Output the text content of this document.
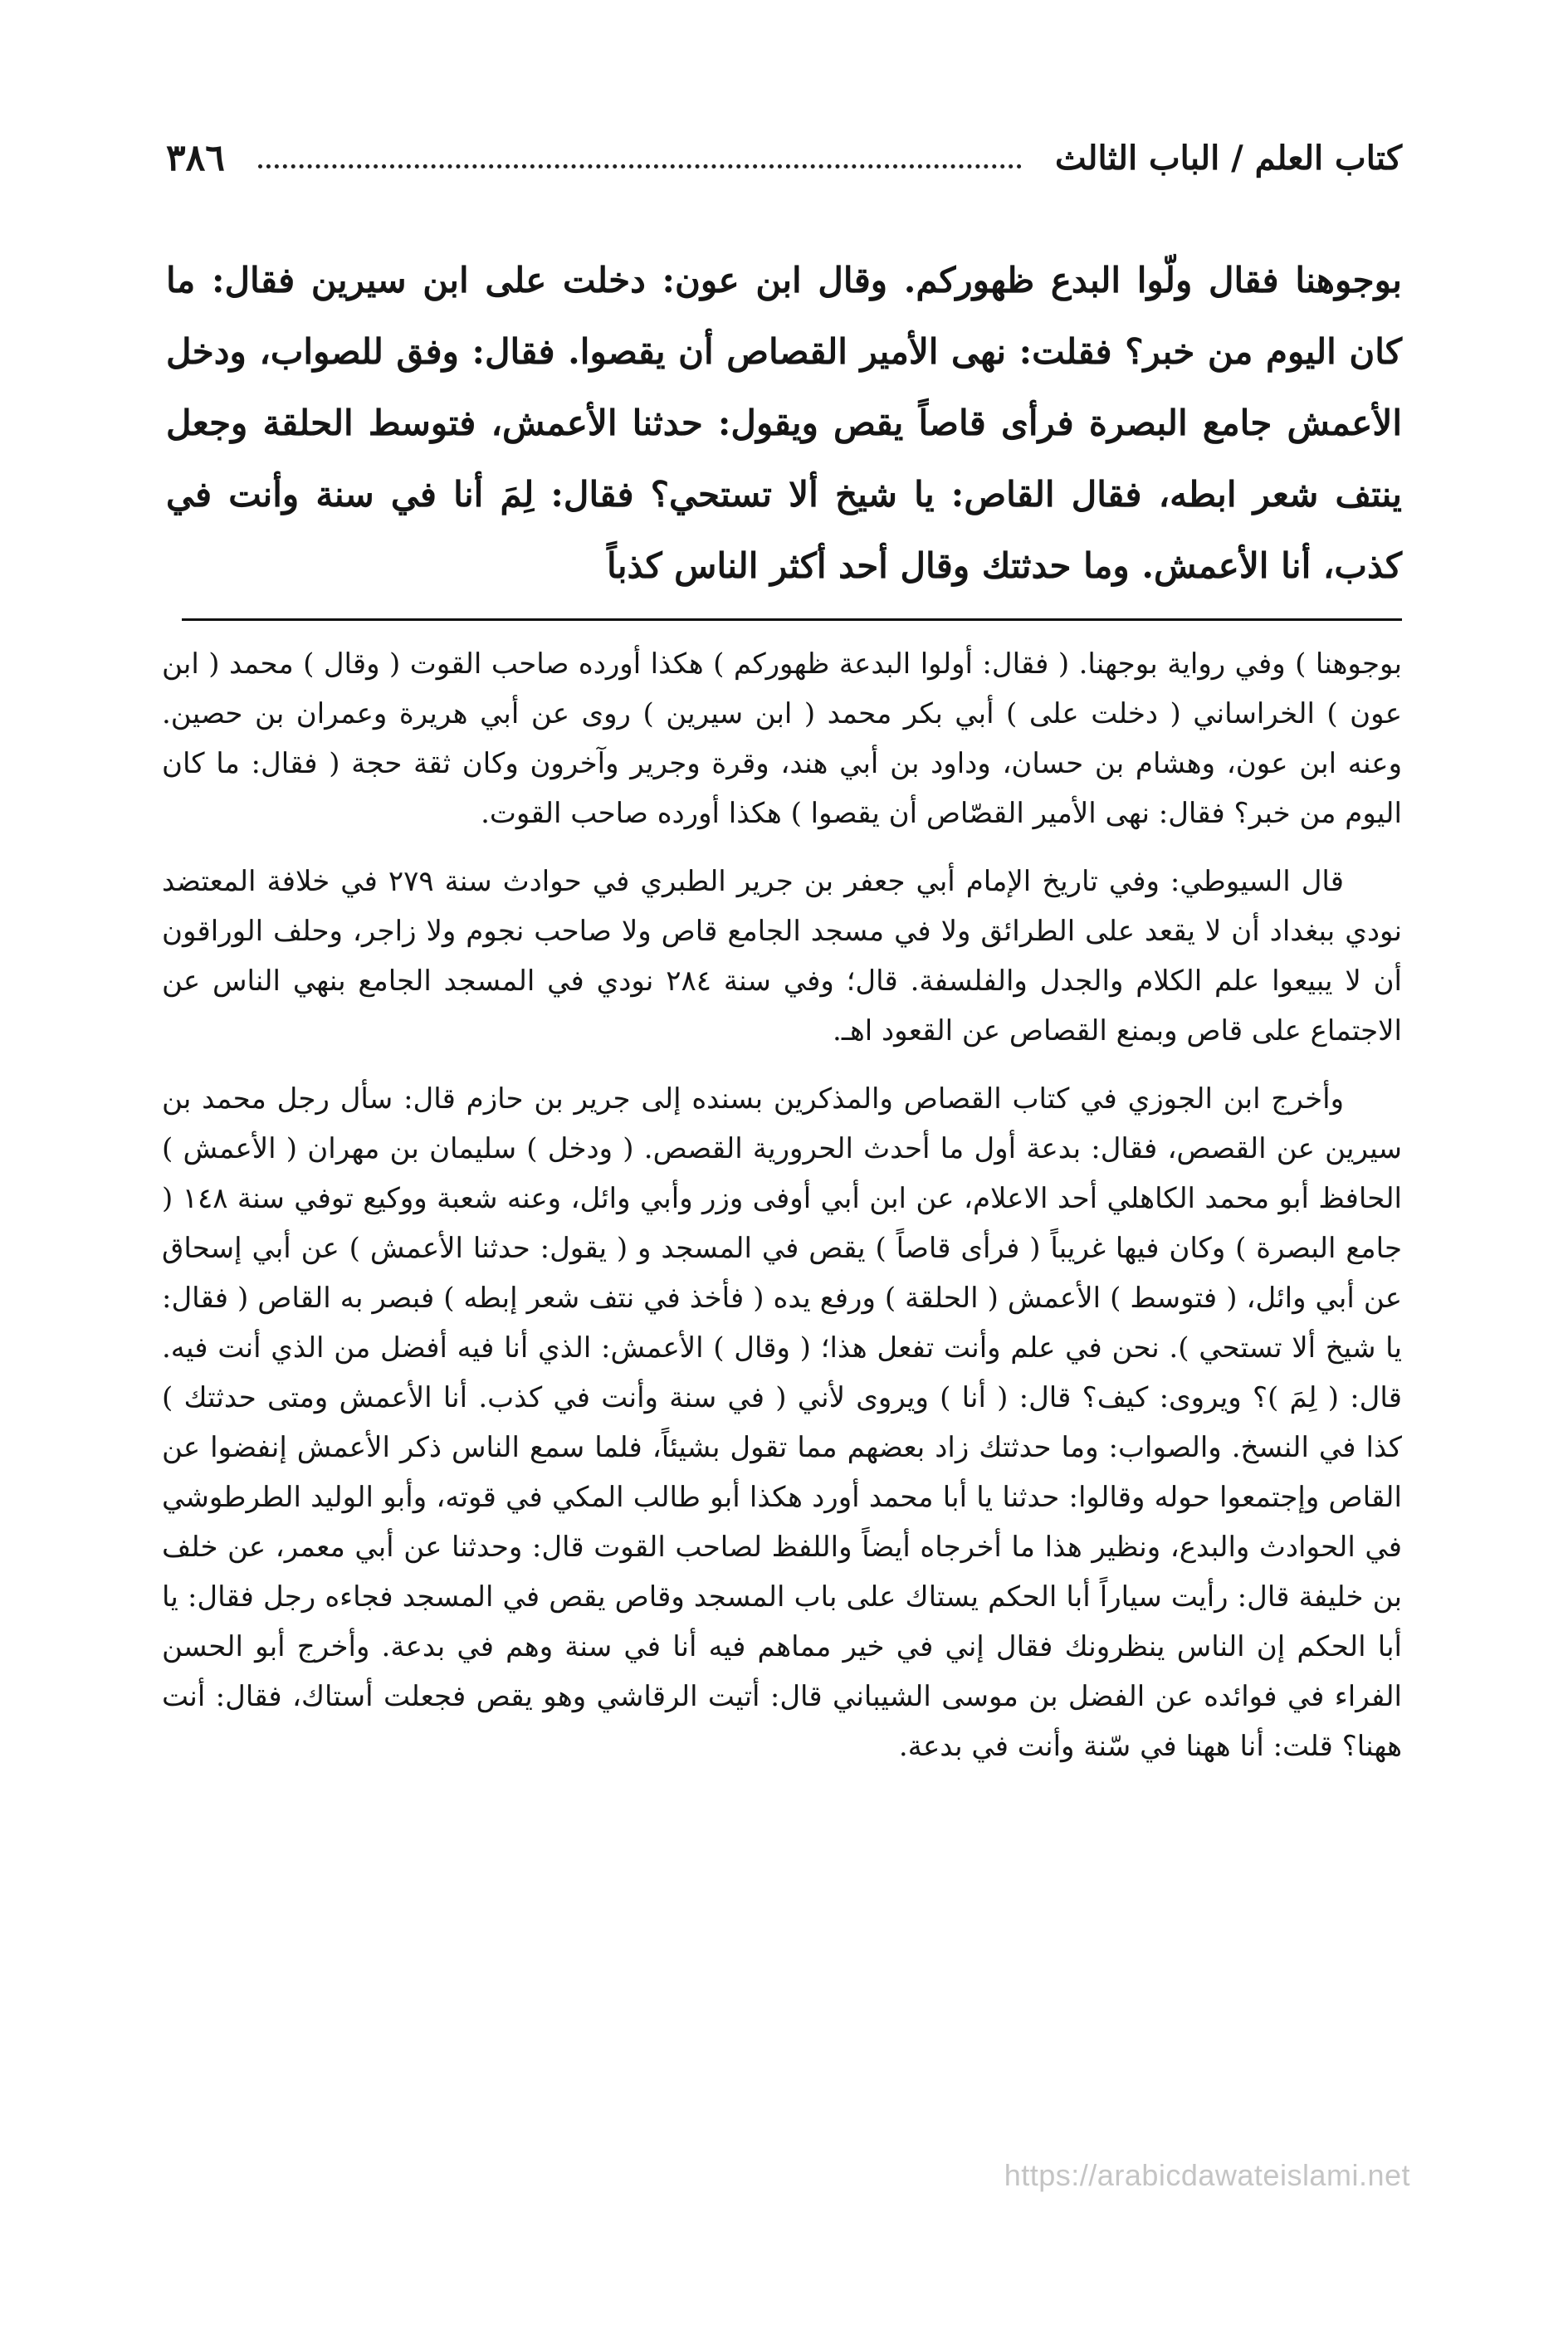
كتاب العلم / الباب الثالث
٣٨٦

بوجوهنا فقال ولّوا البدع ظهوركم. وقال ابن عون: دخلت على ابن سيرين فقال: ما كان اليوم من خبر؟ فقلت: نهى الأمير القصاص أن يقصوا. فقال: وفق للصواب، ودخل الأعمش جامع البصرة فرأى قاصاً يقص ويقول: حدثنا الأعمش، فتوسط الحلقة وجعل ينتف شعر ابطه، فقال القاص: يا شيخ ألا تستحي؟ فقال: لِمَ أنا في سنة وأنت في كذب، أنا الأعمش. وما حدثتك وقال أحد أكثر الناس كذباً

بوجوهنا ) وفي رواية بوجهنا. ( فقال: أولوا البدعة ظهوركم ) هكذا أورده صاحب القوت ( وقال ) محمد ( ابن عون ) الخراساني ( دخلت على ) أبي بكر محمد ( ابن سيرين ) روى عن أبي هريرة وعمران بن حصين. وعنه ابن عون، وهشام بن حسان، وداود بن أبي هند، وقرة وجرير وآخرون وكان ثقة حجة ( فقال: ما كان اليوم من خبر؟ فقال: نهى الأمير القصّاص أن يقصوا ) هكذا أورده صاحب القوت.

قال السيوطي: وفي تاريخ الإمام أبي جعفر بن جرير الطبري في حوادث سنة ٢٧٩ في خلافة المعتضد نودي ببغداد أن لا يقعد على الطرائق ولا في مسجد الجامع قاص ولا صاحب نجوم ولا زاجر، وحلف الوراقون أن لا يبيعوا علم الكلام والجدل والفلسفة. قال؛ وفي سنة ٢٨٤ نودي في المسجد الجامع بنهي الناس عن الاجتماع على قاص وبمنع القصاص عن القعود اهـ.

وأخرج ابن الجوزي في كتاب القصاص والمذكرين بسنده إلى جرير بن حازم قال: سأل رجل محمد بن سيرين عن القصص، فقال: بدعة أول ما أحدث الحرورية القصص. ( ودخل ) سليمان بن مهران ( الأعمش ) الحافظ أبو محمد الكاهلي أحد الاعلام، عن ابن أبي أوفى وزر وأبي وائل، وعنه شعبة ووكيع توفي سنة ١٤٨ ( جامع البصرة ) وكان فيها غريباً ( فرأى قاصاً ) يقص في المسجد و ( يقول: حدثنا الأعمش ) عن أبي إسحاق عن أبي وائل، ( فتوسط ) الأعمش ( الحلقة ) ورفع يده ( فأخذ في نتف شعر إبطه ) فبصر به القاص ( فقال: يا شيخ ألا تستحي ). نحن في علم وأنت تفعل هذا؛ ( وقال ) الأعمش: الذي أنا فيه أفضل من الذي أنت فيه. قال: ( لِمَ )؟ ويروى: كيف؟ قال: ( أنا ) ويروى لأني ( في سنة وأنت في كذب. أنا الأعمش ومتى حدثتك ) كذا في النسخ. والصواب: وما حدثتك زاد بعضهم مما تقول بشيئاً، فلما سمع الناس ذكر الأعمش إنفضوا عن القاص وإجتمعوا حوله وقالوا: حدثنا يا أبا محمد أورد هكذا أبو طالب المكي في قوته، وأبو الوليد الطرطوشي في الحوادث والبدع، ونظير هذا ما أخرجاه أيضاً واللفظ لصاحب القوت قال: وحدثنا عن أبي معمر، عن خلف بن خليفة قال: رأيت سياراً أبا الحكم يستاك على باب المسجد وقاص يقص في المسجد فجاءه رجل فقال: يا أبا الحكم إن الناس ينظرونك فقال إني في خير مماهم فيه أنا في سنة وهم في بدعة. وأخرج أبو الحسن الفراء في فوائده عن الفضل بن موسى الشيباني قال: أتيت الرقاشي وهو يقص فجعلت أستاك، فقال: أنت ههنا؟ قلت: أنا ههنا في سّنة وأنت في بدعة.

https://arabicdawateislami.net
